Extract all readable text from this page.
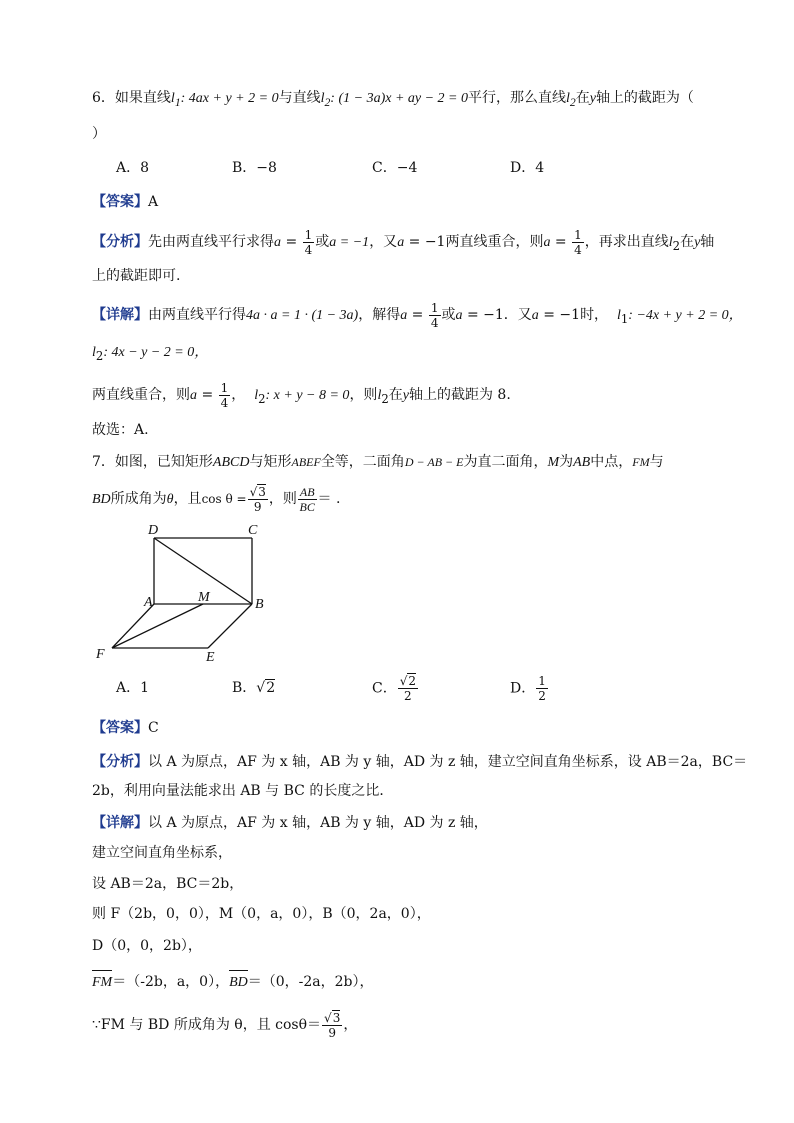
6．如果直线$l_1$: 4ax + y + 2 = 0与直线$l_2$: (1 − 3a)x + ay − 2 = 0平行，那么直线$l_2$在y轴上的截距为（
）
A．8	B．−8	C．−4	D．4
【答案】A
【分析】先由两直线平行求得$a = \frac{1}{4}$ 或a = −1，又a = −1两直线重合，则$a = \frac{1}{4}$ ，再求出直线$l_2$在y轴
上的截距即可.
【详解】由两直线平行得4a · a = 1 · (1 − 3a)，解得$a = \frac{1}{4}$ 或a = −1．又a = −1时， $l_1$: −4x + y + 2 = 0，
$l_2$: 4x − y − 2 = 0，
两直线重合，则$a = \frac{1}{4}$ ， $l_2$: x + y − 8 = 0，则$l_2$在y轴上的截距为 8.
故选：A.
7．如图，已知矩形ABCD与矩形ABEF全等，二面角D − AB − E为直二面角，M为AB中点，FM与
BD所成角为θ，且$\cos \theta = \frac{√3}{9}$ ，则 $\frac{AB}{BC}$ ＝ .
D	C
A	M	B
F	E
A．1	B．√2	C． $\frac{√2}{2}$	D． $\frac{1}{2}$
【答案】C
【分析】以 A 为原点，AF 为 x 轴，AB 为 y 轴，AD 为 z 轴，建立空间直角坐标系，设 AB＝2a，BC＝
2b，利用向量法能求出 AB 与 BC 的长度之比．
【详解】以 A 为原点，AF 为 x 轴，AB 为 y 轴，AD 为 z 轴，
建立空间直角坐标系，
设 AB＝2a，BC＝2b，
则 F（2b，0，0），M（0，a，0），B（0，2a，0），
D（0，0，2b），
FM＝（-2b，a，0），BD＝（0，-2a，2b），
∵FM 与 BD 所成角为 θ，且 $\cos\theta= \frac{√3}{9}$ ，
